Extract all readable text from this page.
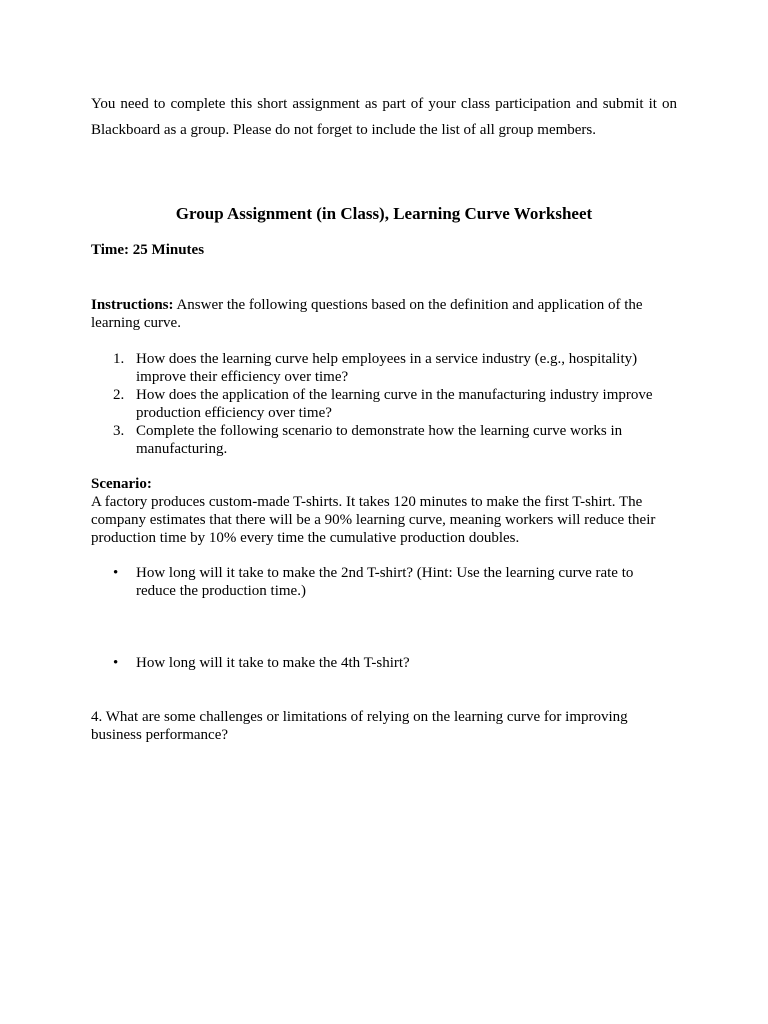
You need to complete this short assignment as part of your class participation and submit it on Blackboard as a group. Please do not forget to include the list of all group members.

Group Assignment (in Class), Learning Curve Worksheet
Time: 25 Minutes

Instructions: Answer the following questions based on the definition and application of the learning curve.

1. How does the learning curve help employees in a service industry (e.g., hospitality) improve their efficiency over time?
2. How does the application of the learning curve in the manufacturing industry improve production efficiency over time?
3. Complete the following scenario to demonstrate how the learning curve works in manufacturing.
Scenario:
A factory produces custom-made T-shirts. It takes 120 minutes to make the first T-shirt. The company estimates that there will be a 90% learning curve, meaning workers will reduce their production time by 10% every time the cumulative production doubles.
• How long will it take to make the 2nd T-shirt? (Hint: Use the learning curve rate to reduce the production time.)
• How long will it take to make the 4th T-shirt?

4. What are some challenges or limitations of relying on the learning curve for improving business performance?
